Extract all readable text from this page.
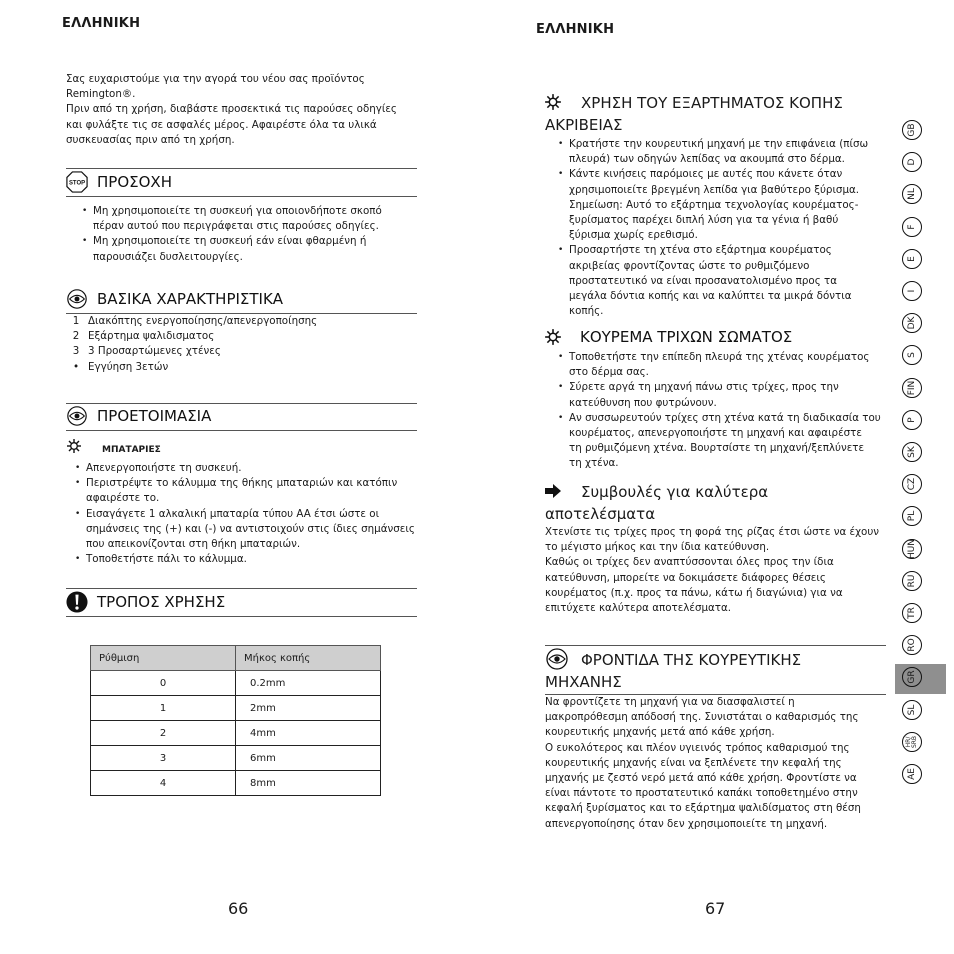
ΕΛΛΗΝΙΚΗ
Σας ευχαριστούμε για την αγορά του νέου σας προϊόντος
Remington®.
Πριν από τη χρήση, διαβάστε προσεκτικά τις παρούσες οδηγίες
και φυλάξτε τις σε ασφαλές μέρος. Αφαιρέστε όλα τα υλικά
συσκευασίας πριν από τη χρήση.
STOP ΠΡΟΣΟΧΗ
• Μη χρησιμοποιείτε τη συσκευή για οποιονδήποτε σκοπό
πέραν αυτού που περιγράφεται στις παρούσες οδηγίες.
• Μη χρησιμοποιείτε τη συσκευή εάν είναι φθαρμένη ή
παρουσιάζει δυσλειτουργίες.
ΒΑΣΙΚΑ ΧΑΡΑΚΤΗΡΙΣΤΙΚΑ
1 Διακόπτης ενεργοποίησης/απενεργοποίησης
2 Εξάρτημα ψαλιδισματος
3 3 Προσαρτώμενες χτένες
• Εγγύηση 3ετών
ΠΡΟΕΤΟΙΜΑΣΙΑ
ΜΠΑΤΑΡΙΕΣ
• Απενεργοποιήστε τη συσκευή.
• Περιστρέψτε το κάλυμμα της θήκης μπαταριών και κατόπιν
αφαιρέστε το.
• Εισαγάγετε 1 αλκαλική μπαταρία τύπου AA έτσι ώστε οι
σημάνσεις της (+) και (-) να αντιστοιχούν στις ίδιες σημάνσεις
που απεικονίζονται στη θήκη μπαταριών.
• Τοποθετήστε πάλι το κάλυμμα.
ΤΡΟΠΟΣ ΧΡΗΣΗΣ
Ρύθμιση	Μήκος κοπής
0	0.2mm
1	2mm
2	4mm
3	6mm
4	8mm
66
ΕΛΛΗΝΙΚΗ
ΧΡΗΣΗ ΤΟΥ ΕΞΑΡΤΗΜΑΤΟΣ ΚΟΠΗΣ
ΑΚΡΙΒΕΙΑΣ
• Κρατήστε την κουρευτική μηχανή με την επιφάνεια (πίσω
πλευρά) των οδηγών λεπίδας να ακουμπά στο δέρμα.
• Κάντε κινήσεις παρόμοιες με αυτές που κάνετε όταν
χρησιμοποιείτε βρεγμένη λεπίδα για βαθύτερο ξύρισμα.
Σημείωση: Αυτό το εξάρτημα τεχνολογίας κουρέματος-
ξυρίσματος παρέχει διπλή λύση για τα γένια ή βαθύ
ξύρισμα χωρίς ερεθισμό.
• Προσαρτήστε τη χτένα στο εξάρτημα κουρέματος
ακριβείας φροντίζοντας ώστε το ρυθμιζόμενο
προστατευτικό να είναι προσανατολισμένο προς τα
μεγάλα δόντια κοπής και να καλύπτει τα μικρά δόντια
κοπής.
ΚΟΥΡΕΜΑ ΤΡΙΧΩΝ ΣΩΜΑΤΟΣ
• Τοποθετήστε την επίπεδη πλευρά της χτένας κουρέματος
στο δέρμα σας.
• Σύρετε αργά τη μηχανή πάνω στις τρίχες, προς την
κατεύθυνση που φυτρώνουν.
• Αν συσσωρευτούν τρίχες στη χτένα κατά τη διαδικασία του
κουρέματος, απενεργοποιήστε τη μηχανή και αφαιρέστε
τη ρυθμιζόμενη χτένα. Βουρτσίστε τη μηχανή/ξεπλύνετε
τη χτένα.
Συμβουλές για καλύτερα
αποτελέσματα
Χτενίστε τις τρίχες προς τη φορά της ρίζας έτσι ώστε να έχουν
το μέγιστο μήκος και την ίδια κατεύθυνση.
Καθώς οι τρίχες δεν αναπτύσσονται όλες προς την ίδια
κατεύθυνση, μπορείτε να δοκιμάσετε διάφορες θέσεις
κουρέματος (π.χ. προς τα πάνω, κάτω ή διαγώνια) για να
επιτύχετε καλύτερα αποτελέσματα.
ΦΡΟΝΤΙΔΑ ΤΗΣ ΚΟΥΡΕΥΤΙΚΗΣ
ΜΗΧΑΝΗΣ
Να φροντίζετε τη μηχανή για να διασφαλιστεί η
μακροπρόθεσμη απόδοσή της. Συνιστάται ο καθαρισμός της
κουρευτικής μηχανής μετά από κάθε χρήση.
Ο ευκολότερος και πλέον υγιεινός τρόπος καθαρισμού της
κουρευτικής μηχανής είναι να ξεπλένετε την κεφαλή της
μηχανής με ζεστό νερό μετά από κάθε χρήση. Φροντίστε να
είναι πάντοτε το προστατευτικό καπάκι τοποθετημένο στην
κεφαλή ξυρίσματος και το εξάρτημα ψαλιδίσματος στη θέση
απενεργοποίησης όταν δεν χρησιμοποιείτε τη μηχανή.
67
GB
D
NL
F
E
I
DK
S
FIN
P
SK
CZ
PL
HUN
RU
TR
RO
GR
SL
HR/ SRB
AE
